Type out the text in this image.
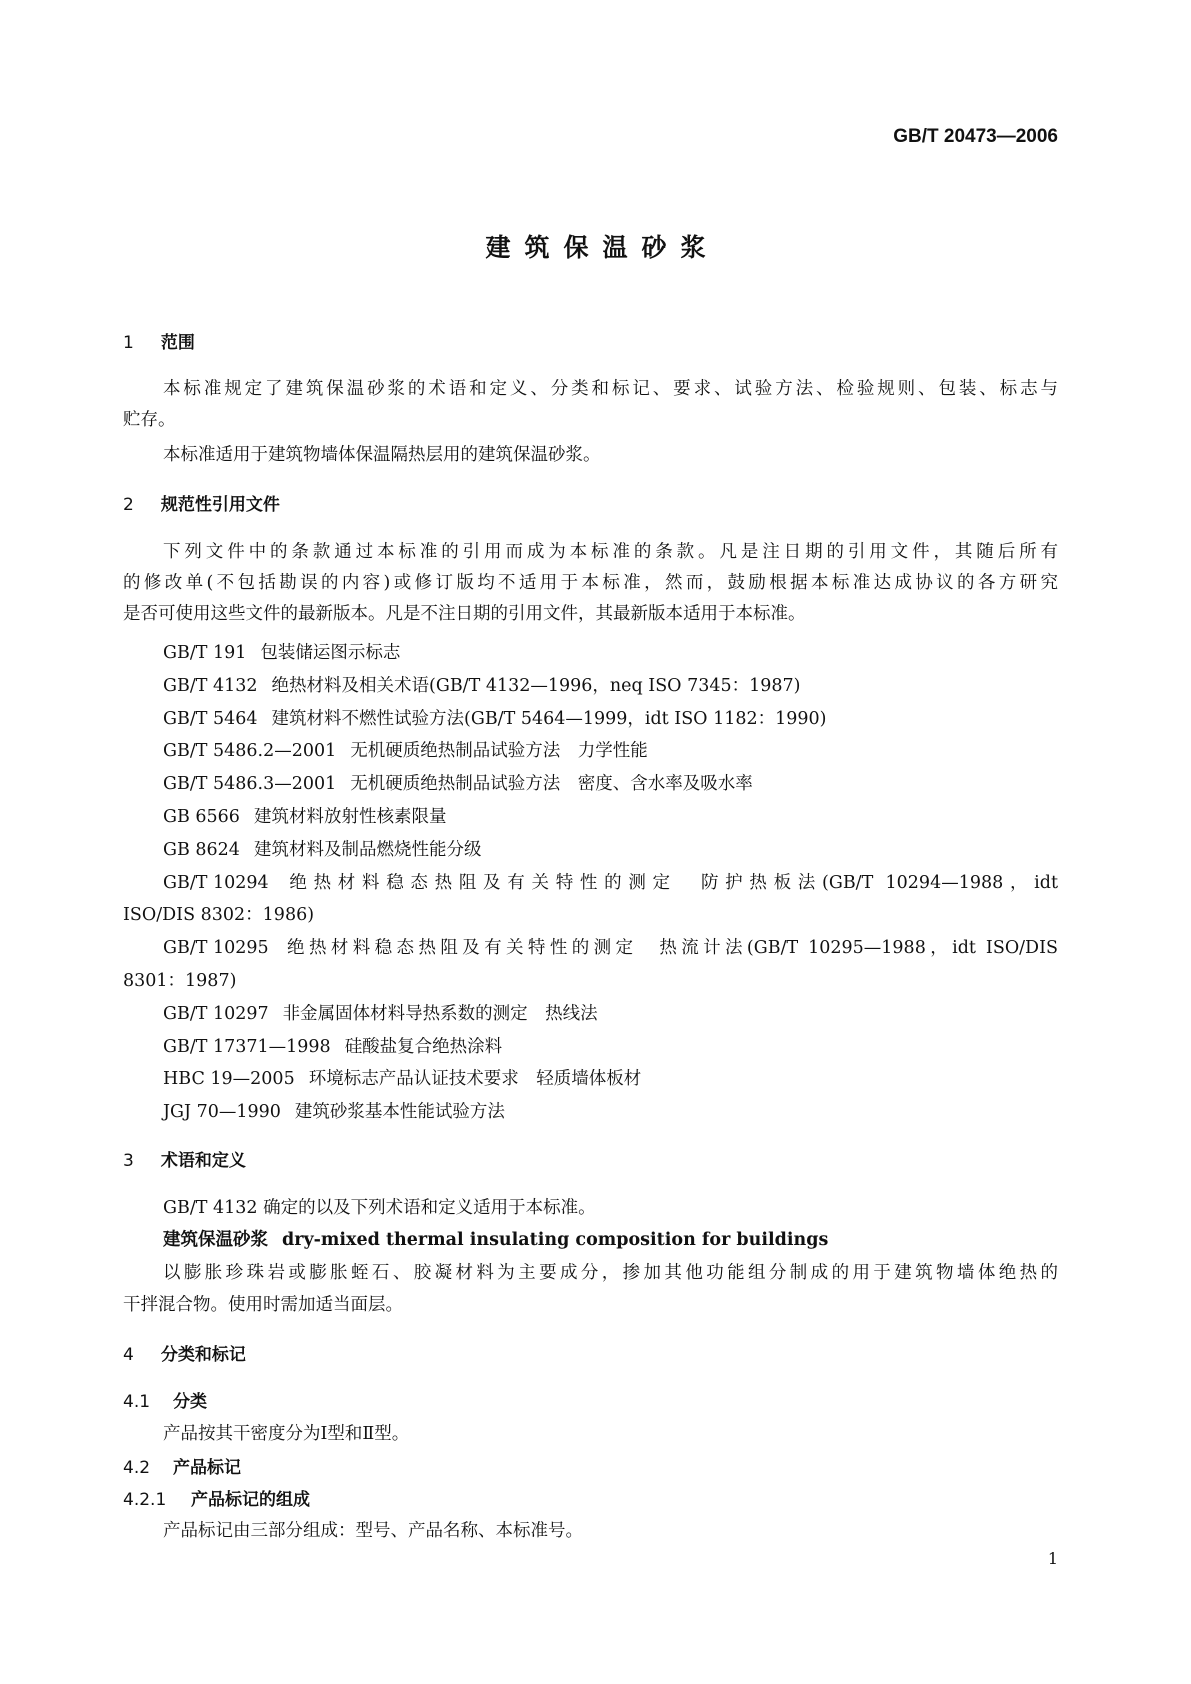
GB/T 20473—2006
建筑保温砂浆
1 范围
本标准规定了建筑保温砂浆的术语和定义、分类和标记、要求、试验方法、检验规则、包装、标志与
贮存。
本标准适用于建筑物墙体保温隔热层用的建筑保温砂浆。
2 规范性引用文件
下列文件中的条款通过本标准的引用而成为本标准的条款。凡是注日期的引用文件，其随后所有
的修改单(不包括勘误的内容)或修订版均不适用于本标准，然而，鼓励根据本标准达成协议的各方研究
是否可使用这些文件的最新版本。凡是不注日期的引用文件，其最新版本适用于本标准。
GB/T 191 包装储运图示标志
GB/T 4132 绝热材料及相关术语(GB/T 4132—1996，neq ISO 7345：1987)
GB/T 5464 建筑材料不燃性试验方法(GB/T 5464—1999，idt ISO 1182：1990)
GB/T 5486.2—2001 无机硬质绝热制品试验方法　力学性能
GB/T 5486.3—2001 无机硬质绝热制品试验方法　密度、含水率及吸水率
GB 6566 建筑材料放射性核素限量
GB 8624 建筑材料及制品燃烧性能分级
GB/T 10294 绝热材料稳态热阻及有关特性的测定　防护热板法(GB/T 10294—1988，idt
ISO/DIS 8302：1986)
GB/T 10295 绝热材料稳态热阻及有关特性的测定　热流计法(GB/T 10295—1988，idt ISO/DIS
8301：1987)
GB/T 10297 非金属固体材料导热系数的测定　热线法
GB/T 17371—1998 硅酸盐复合绝热涂料
HBC 19—2005 环境标志产品认证技术要求　轻质墙体板材
JGJ 70—1990 建筑砂浆基本性能试验方法
3 术语和定义
GB/T 4132 确定的以及下列术语和定义适用于本标准。
建筑保温砂浆 dry-mixed thermal insulating composition for buildings
以膨胀珍珠岩或膨胀蛭石、胶凝材料为主要成分，掺加其他功能组分制成的用于建筑物墙体绝热的
干拌混合物。使用时需加适当面层。
4 分类和标记
4.1 分类
产品按其干密度分为Ⅰ型和Ⅱ型。
4.2 产品标记
4.2.1 产品标记的组成
产品标记由三部分组成：型号、产品名称、本标准号。
1
